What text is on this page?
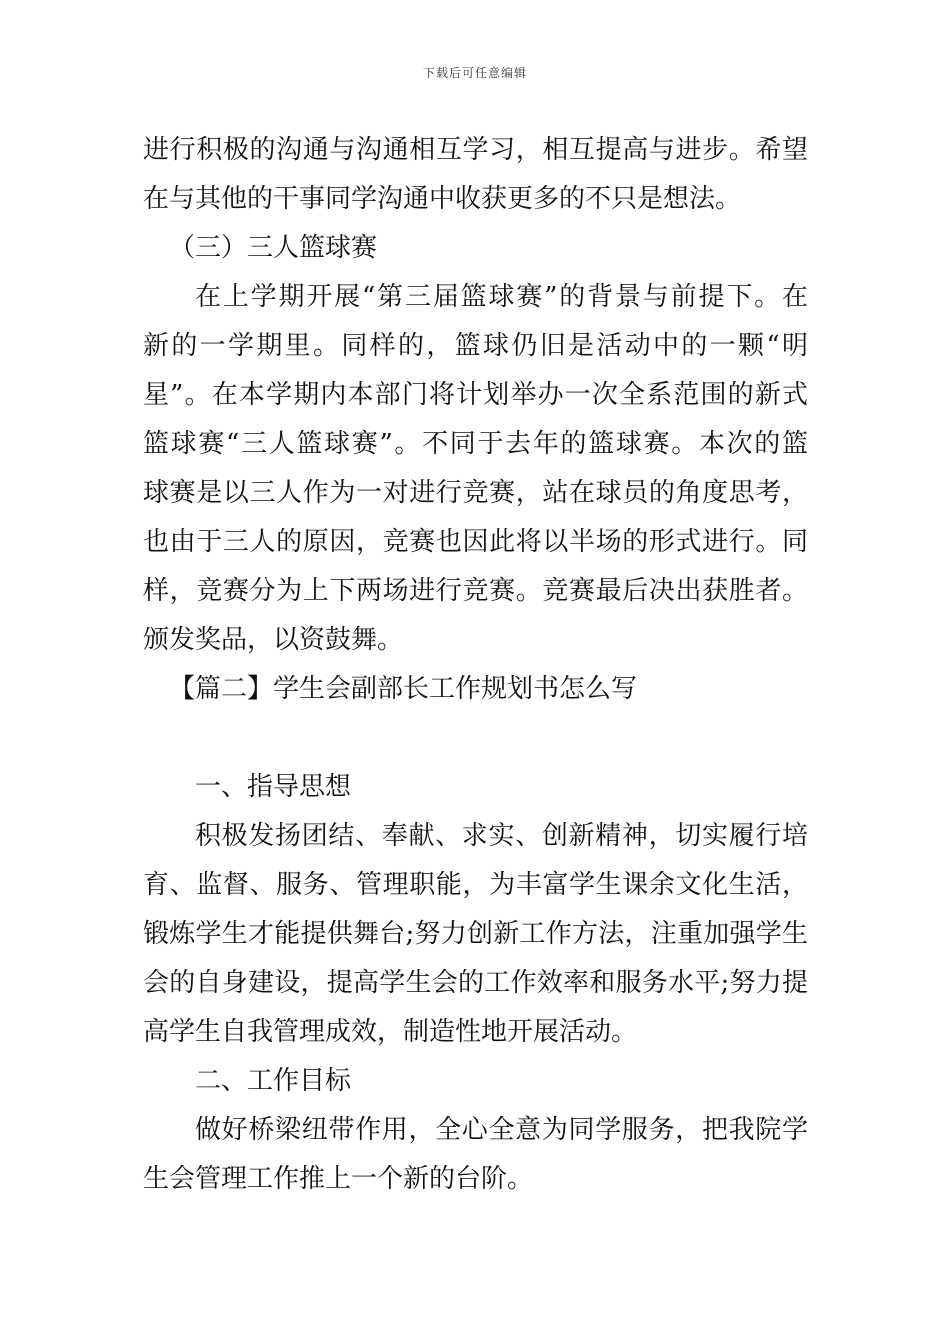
下载后可任意编辑
进行积极的沟通与沟通相互学习，相互提高与进步。希望
在与其他的干事同学沟通中收获更多的不只是想法。
（三）三人篮球赛
在上学期开展“第三届篮球赛”的背景与前提下。在
新的一学期里。同样的，篮球仍旧是活动中的一颗“明
星”。在本学期内本部门将计划举办一次全系范围的新式
篮球赛“三人篮球赛”。不同于去年的篮球赛。本次的篮
球赛是以三人作为一对进行竞赛，站在球员的角度思考，
也由于三人的原因，竞赛也因此将以半场的形式进行。同
样，竞赛分为上下两场进行竞赛。竞赛最后决出获胜者。
颁发奖品，以资鼓舞。
【篇二】学生会副部长工作规划书怎么写
一、指导思想
积极发扬团结、奉献、求实、创新精神，切实履行培
育、监督、服务、管理职能，为丰富学生课余文化生活，
锻炼学生才能提供舞台;努力创新工作方法，注重加强学生
会的自身建设，提高学生会的工作效率和服务水平;努力提
高学生自我管理成效，制造性地开展活动。
二、工作目标
做好桥梁纽带作用，全心全意为同学服务，把我院学
生会管理工作推上一个新的台阶。
